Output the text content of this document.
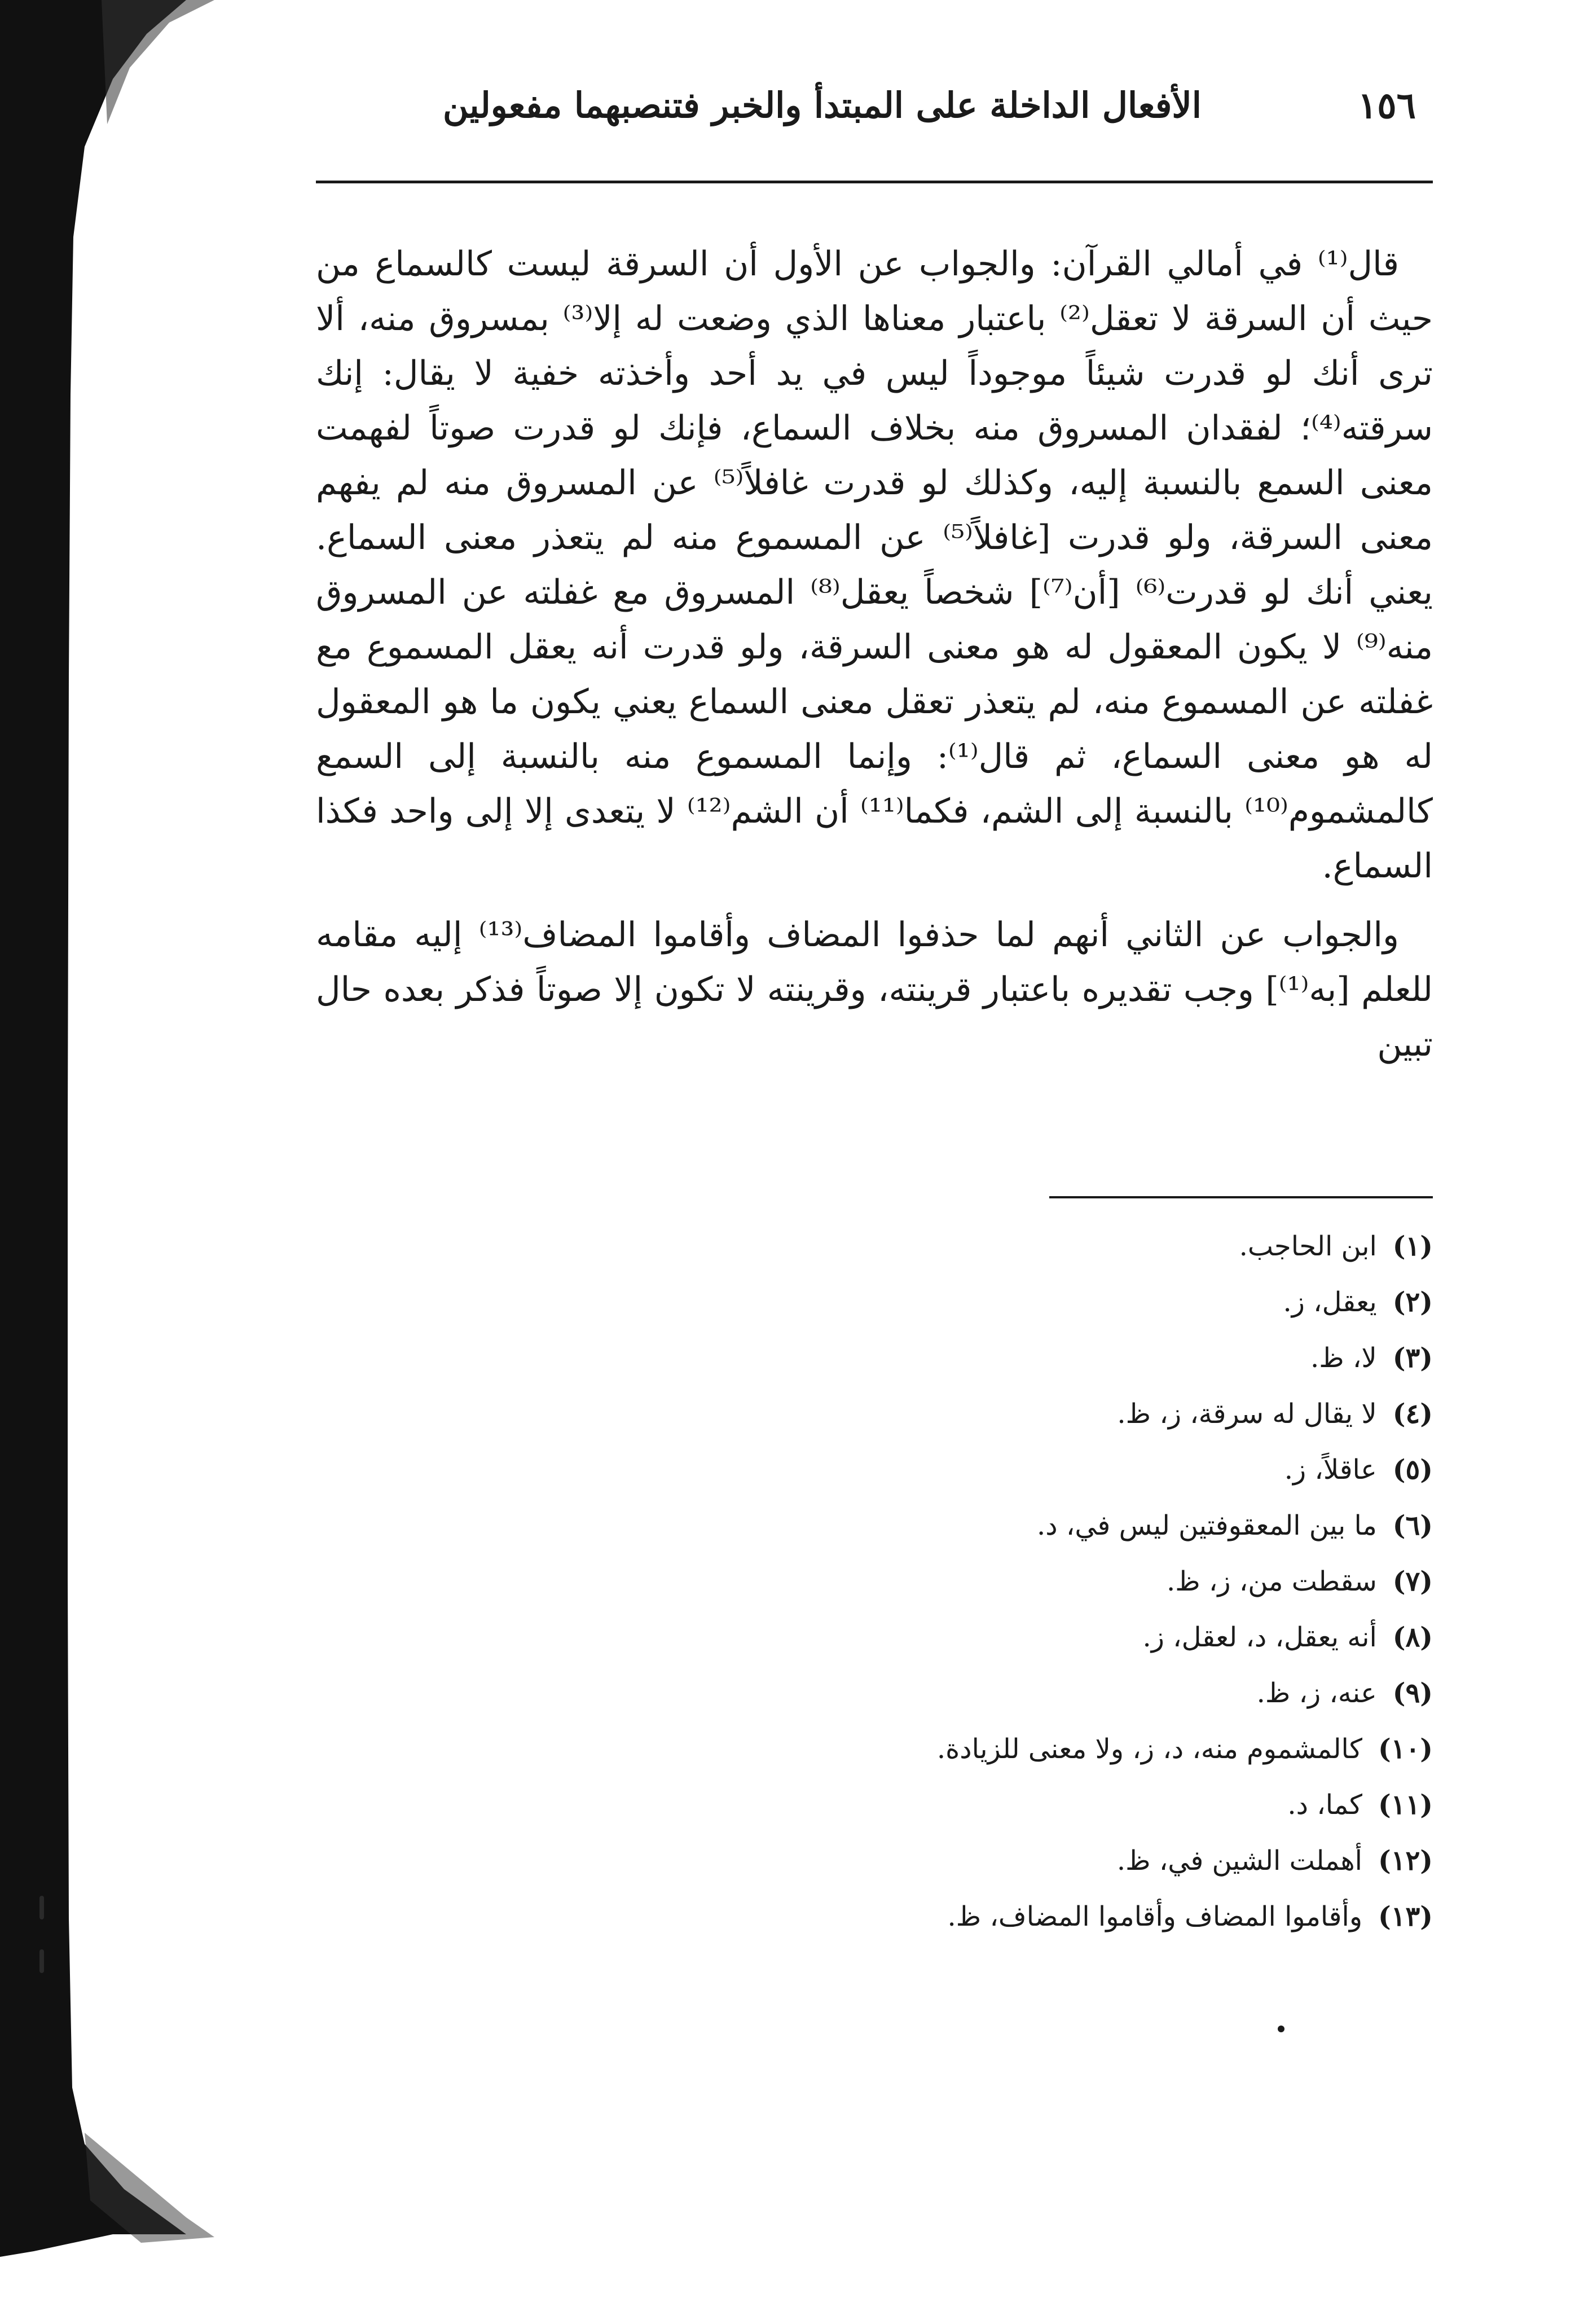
١٥٦
الأفعال الداخلة على المبتدأ والخبر فتنصبهما مفعولين

قال⁽¹⁾ في أمالي القرآن: والجواب عن الأول أن السرقة ليست كالسماع من حيث أن السرقة لا تعقل⁽²⁾ باعتبار معناها الذي وضعت له إلا⁽³⁾ بمسروق منه، ألا ترى أنك لو قدرت شيئاً موجوداً ليس في يد أحد وأخذته خفية لا يقال: إنك سرقته⁽⁴⁾؛ لفقدان المسروق منه بخلاف السماع، فإنك لو قدرت صوتاً لفهمت معنى السمع بالنسبة إليه، وكذلك لو قدرت غافلاً⁽⁵⁾ عن المسروق منه لم يفهم معنى السرقة، ولو قدرت [غافلاً⁽⁵⁾ عن المسموع منه لم يتعذر معنى السماع. يعني أنك لو قدرت⁽⁶⁾ [أن⁽⁷⁾] شخصاً يعقل⁽⁸⁾ المسروق مع غفلته عن المسروق منه⁽⁹⁾ لا يكون المعقول له هو معنى السرقة، ولو قدرت أنه يعقل المسموع مع غفلته عن المسموع منه، لم يتعذر تعقل معنى السماع يعني يكون ما هو المعقول له هو معنى السماع، ثم قال⁽¹⁾: وإنما المسموع منه بالنسبة إلى السمع كالمشموم⁽¹⁰⁾ بالنسبة إلى الشم، فكما⁽¹¹⁾ أن الشم⁽¹²⁾ لا يتعدى إلا إلى واحد فكذا السماع.

والجواب عن الثاني أنهم لما حذفوا المضاف وأقاموا المضاف⁽¹³⁾ إليه مقامه للعلم [به⁽¹⁾] وجب تقديره باعتبار قرينته، وقرينته لا تكون إلا صوتاً فذكر بعده حال تبين

(١)ابن الحاجب.
(٢)يعقل، ز.
(٣)لا، ظ.
(٤)لا يقال له سرقة، ز، ظ.
(٥)عاقلاً، ز.
(٦)ما بين المعقوفتين ليس في، د.
(٧)سقطت من، ز، ظ.
(٨)أنه يعقل، د، لعقل، ز.
(٩)عنه، ز، ظ.
(١٠)كالمشموم منه، د، ز، ولا معنى للزيادة.
(١١)كما، د.
(١٢)أهملت الشين في، ظ.
(١٣)وأقاموا المضاف وأقاموا المضاف، ظ.
